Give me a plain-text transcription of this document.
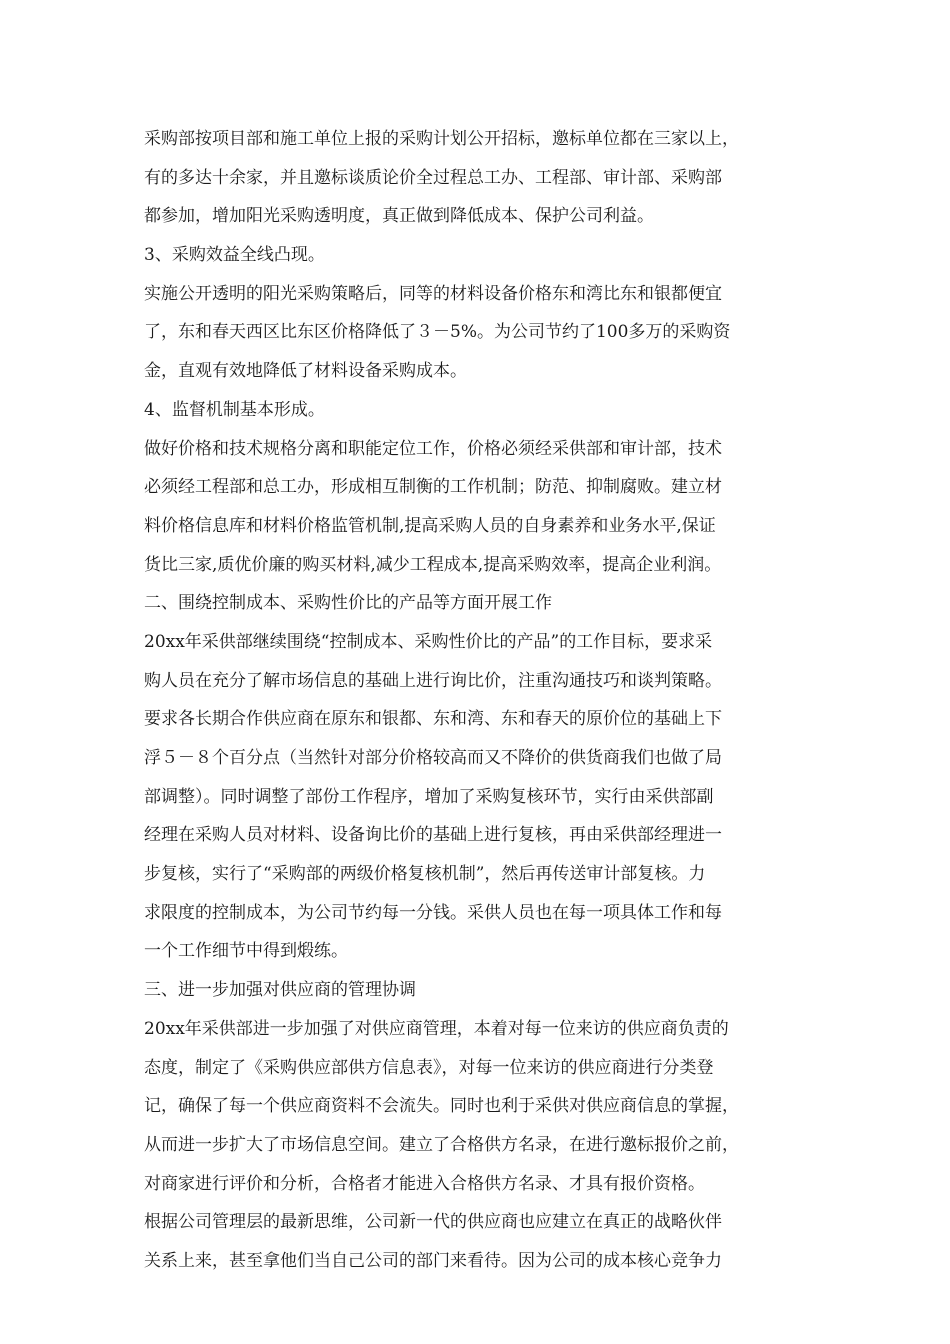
采购部按项目部和施工单位上报的采购计划公开招标，邀标单位都在三家以上，
有的多达十余家，并且邀标谈质论价全过程总工办、工程部、审计部、采购部
都参加，增加阳光采购透明度，真正做到降低成本、保护公司利益。
3、采购效益全线凸现。
实施公开透明的阳光采购策略后，同等的材料设备价格东和湾比东和银都便宜
了，东和春天西区比东区价格降低了３－5%。为公司节约了100多万的采购资
金，直观有效地降低了材料设备采购成本。
4、监督机制基本形成。
做好价格和技术规格分离和职能定位工作，价格必须经采供部和审计部，技术
必须经工程部和总工办，形成相互制衡的工作机制；防范、抑制腐败。建立材
料价格信息库和材料价格监管机制,提高采购人员的自身素养和业务水平,保证
货比三家,质优价廉的购买材料,减少工程成本,提高采购效率，提高企业利润。
二、围绕控制成本、采购性价比的产品等方面开展工作
20xx年采供部继续围绕“控制成本、采购性价比的产品”的工作目标，要求采
购人员在充分了解市场信息的基础上进行询比价，注重沟通技巧和谈判策略。
要求各长期合作供应商在原东和银都、东和湾、东和春天的原价位的基础上下
浮５－８个百分点（当然针对部分价格较高而又不降价的供货商我们也做了局
部调整）。同时调整了部份工作程序，增加了采购复核环节，实行由采供部副
经理在采购人员对材料、设备询比价的基础上进行复核，再由采供部经理进一
步复核，实行了“采购部的两级价格复核机制”，然后再传送审计部复核。力
求限度的控制成本，为公司节约每一分钱。采供人员也在每一项具体工作和每
一个工作细节中得到煅练。
三、进一步加强对供应商的管理协调
20xx年采供部进一步加强了对供应商管理，本着对每一位来访的供应商负责的
态度，制定了《采购供应部供方信息表》，对每一位来访的供应商进行分类登
记，确保了每一个供应商资料不会流失。同时也利于采供对供应商信息的掌握，
从而进一步扩大了市场信息空间。建立了合格供方名录，在进行邀标报价之前，
对商家进行评价和分析，合格者才能进入合格供方名录、才具有报价资格。
根据公司管理层的最新思维，公司新一代的供应商也应建立在真正的战略伙伴
关系上来，甚至拿他们当自己公司的部门来看待。因为公司的成本核心竞争力
